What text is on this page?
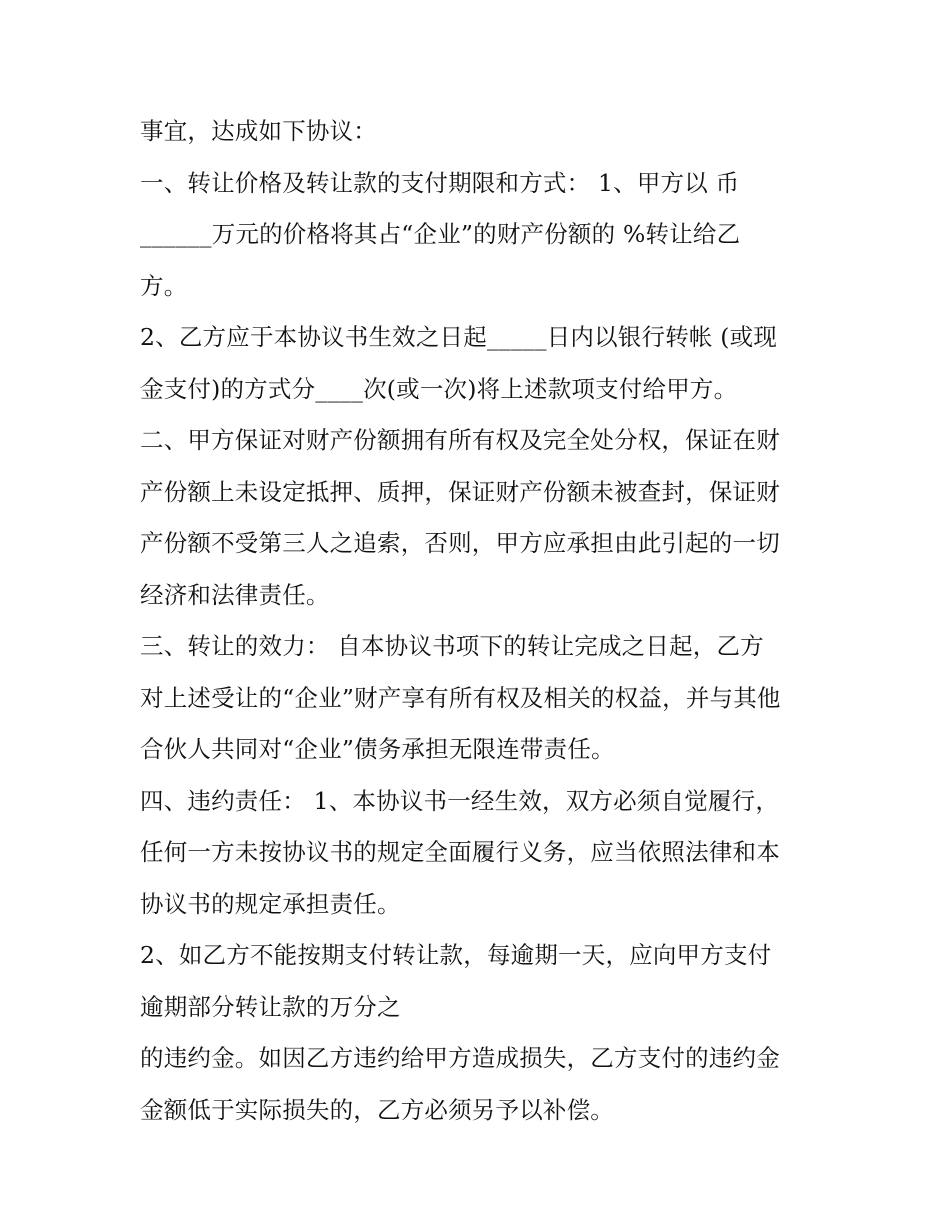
事宜，达成如下协议：
一、转让价格及转让款的支付期限和方式： 1、甲方以 币
______万元的价格将其占“企业”的财产份额的 %转让给乙
方。
2、乙方应于本协议书生效之日起_____日内以银行转帐 (或现
金支付)的方式分____次(或一次)将上述款项支付给甲方。
二、甲方保证对财产份额拥有所有权及完全处分权，保证在财
产份额上未设定抵押、质押，保证财产份额未被查封，保证财
产份额不受第三人之追索，否则，甲方应承担由此引起的一切
经济和法律责任。
三、转让的效力： 自本协议书项下的转让完成之日起，乙方
对上述受让的“企业”财产享有所有权及相关的权益，并与其他
合伙人共同对“企业”债务承担无限连带责任。
四、违约责任： 1、本协议书一经生效，双方必须自觉履行，
任何一方未按协议书的规定全面履行义务，应当依照法律和本
协议书的规定承担责任。
2、如乙方不能按期支付转让款，每逾期一天，应向甲方支付
逾期部分转让款的万分之
的违约金。如因乙方违约给甲方造成损失，乙方支付的违约金
金额低于实际损失的，乙方必须另予以补偿。
